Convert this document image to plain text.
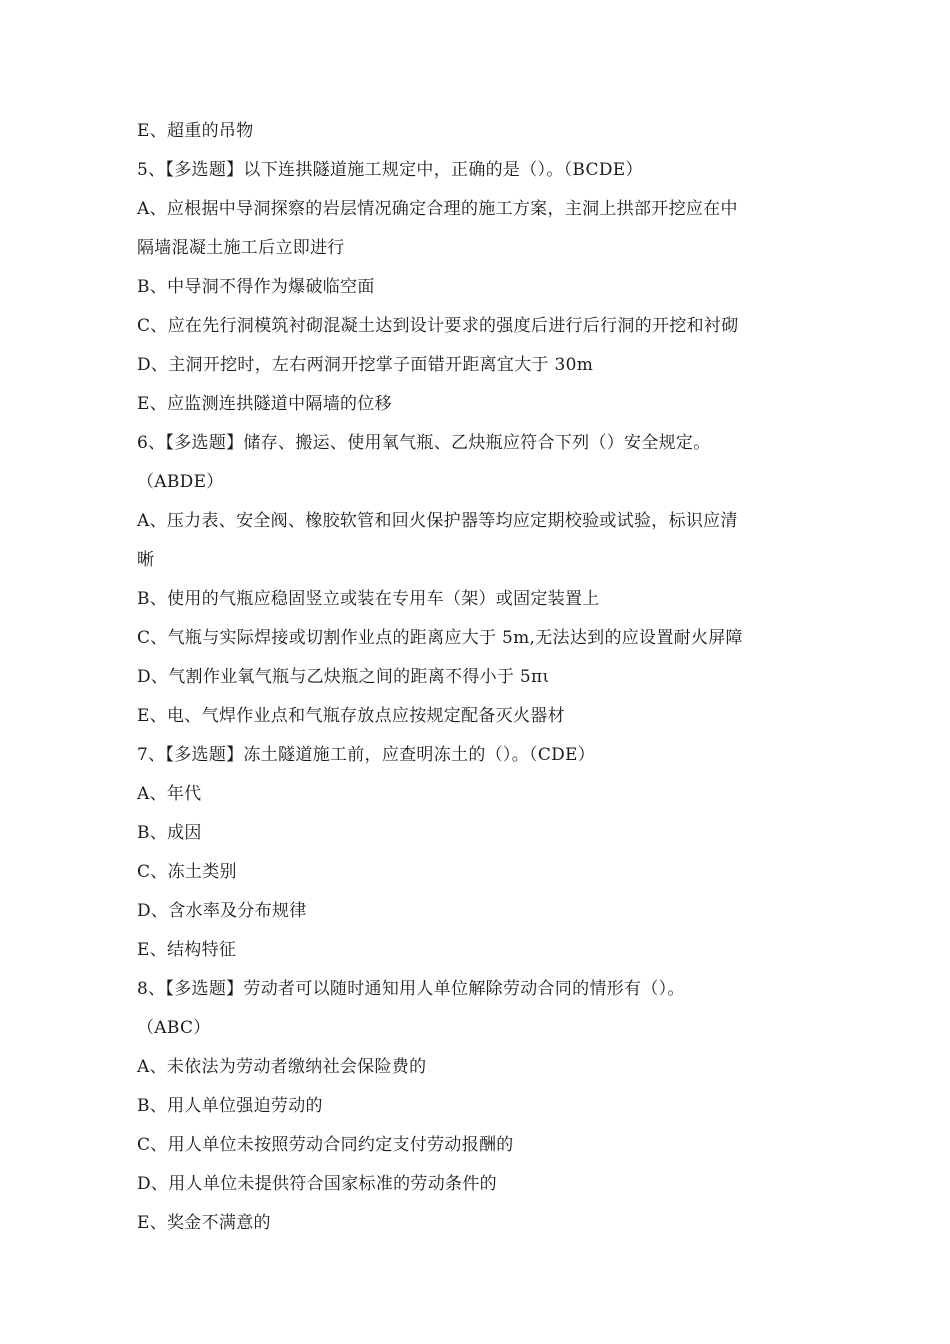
E、超重的吊物
5、【多选题】以下连拱隧道施工规定中，正确的是（）。（BCDE）
A、应根据中导洞探察的岩层情况确定合理的施工方案，主洞上拱部开挖应在中
隔墙混凝土施工后立即进行
B、中导洞不得作为爆破临空面
C、应在先行洞模筑衬砌混凝土达到设计要求的强度后进行后行洞的开挖和衬砌
D、主洞开挖时，左右两洞开挖掌子面错开距离宜大于 30m
E、应监测连拱隧道中隔墙的位移
6、【多选题】储存、搬运、使用氧气瓶、乙炔瓶应符合下列（）安全规定。
（ABDE）
A、压力表、安全阀、橡胶软管和回火保护器等均应定期校验或试验，标识应清
晰
B、使用的气瓶应稳固竖立或装在专用车（架）或固定装置上
C、气瓶与实际焊接或切割作业点的距离应大于 5m,无法达到的应设置耐火屏障
D、气割作业氧气瓶与乙炔瓶之间的距离不得小于 5πι
E、电、气焊作业点和气瓶存放点应按规定配备灭火器材
7、【多选题】冻土隧道施工前，应查明冻土的（）。（CDE）
A、年代
B、成因
C、冻土类别
D、含水率及分布规律
E、结构特征
8、【多选题】劳动者可以随时通知用人单位解除劳动合同的情形有（）。
（ABC）
A、未依法为劳动者缴纳社会保险费的
B、用人单位强迫劳动的
C、用人单位未按照劳动合同约定支付劳动报酬的
D、用人单位未提供符合国家标准的劳动条件的
E、奖金不满意的
